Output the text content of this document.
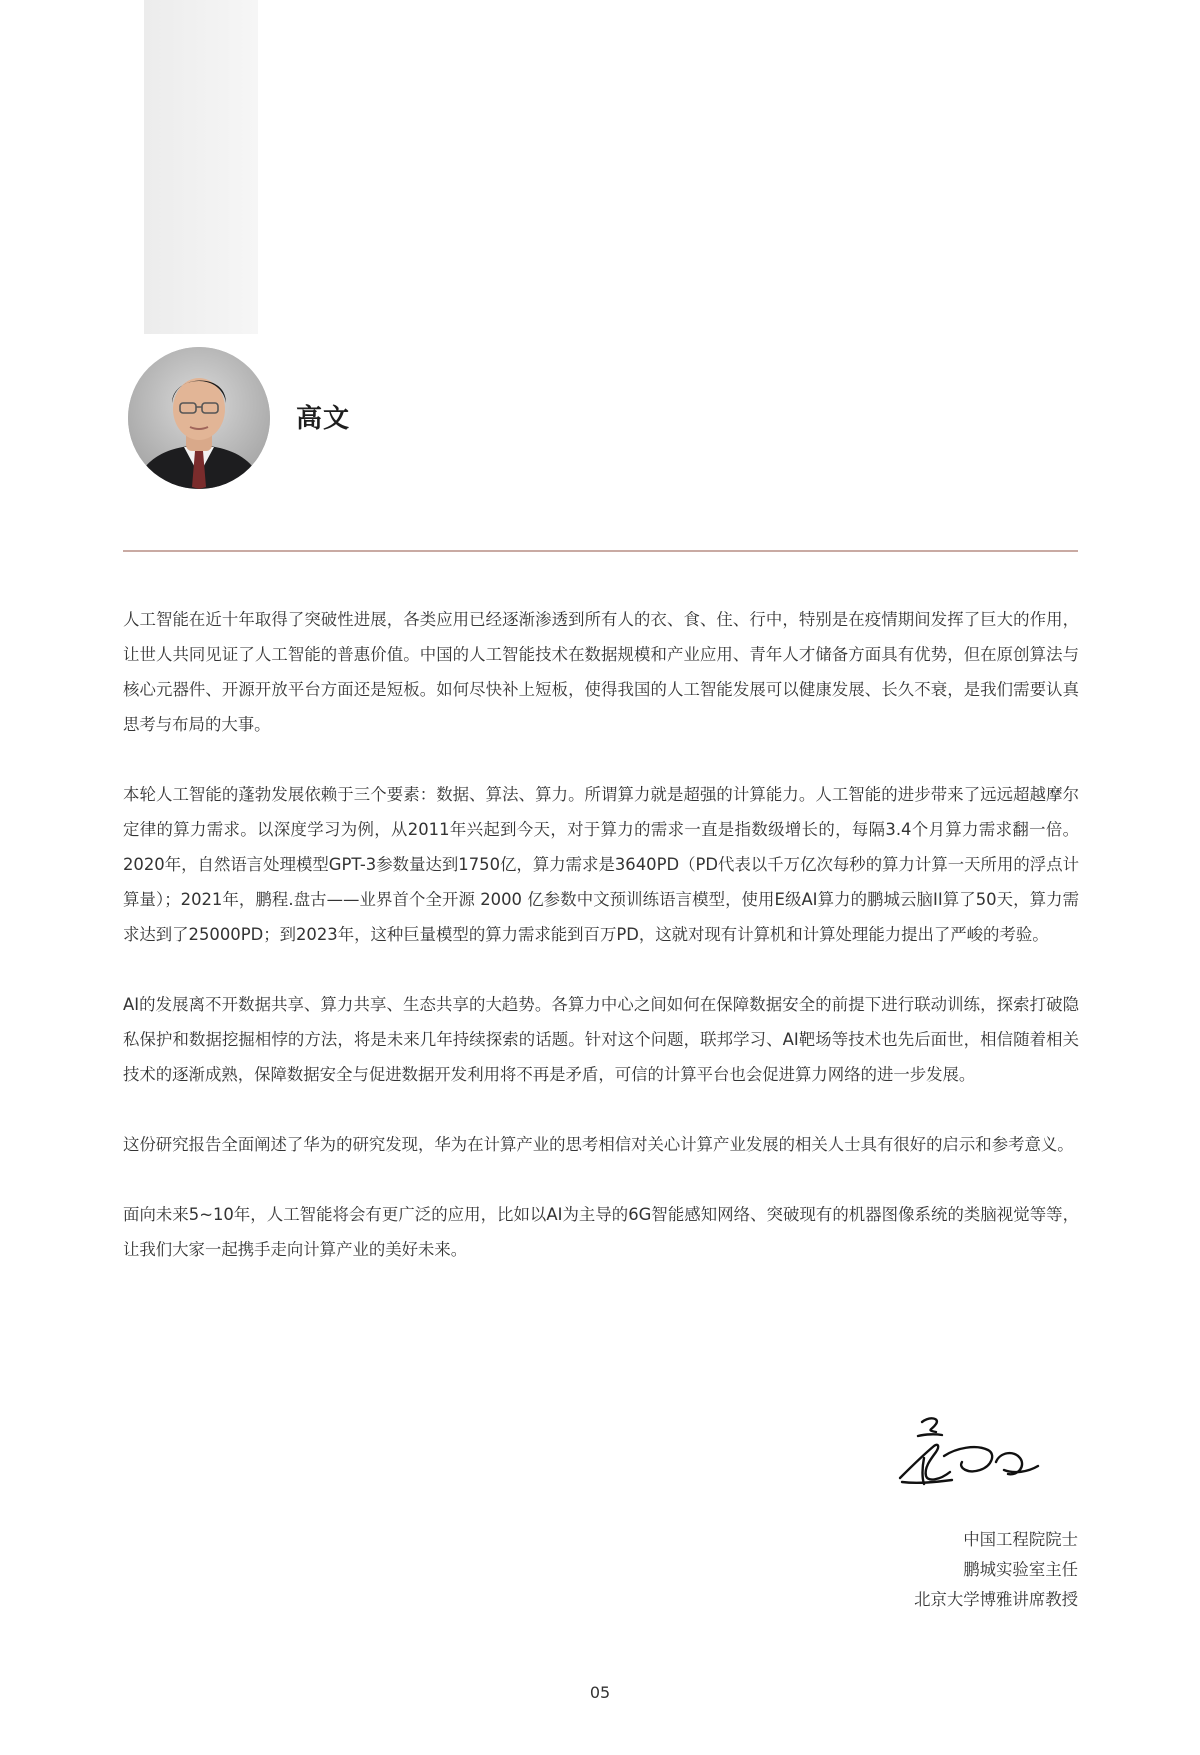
高文

人工智能在近十年取得了突破性进展，各类应用已经逐渐渗透到所有人的衣、食、住、行中，特别是在疫情期间发挥了巨大的作用，让世人共同见证了人工智能的普惠价值。中国的人工智能技术在数据规模和产业应用、青年人才储备方面具有优势，但在原创算法与核心元器件、开源开放平台方面还是短板。如何尽快补上短板，使得我国的人工智能发展可以健康发展、长久不衰，是我们需要认真思考与布局的大事。

本轮人工智能的蓬勃发展依赖于三个要素：数据、算法、算力。所谓算力就是超强的计算能力。人工智能的进步带来了远远超越摩尔定律的算力需求。以深度学习为例，从2011年兴起到今天，对于算力的需求一直是指数级增长的，每隔3.4个月算力需求翻一倍。2020年，自然语言处理模型GPT-3参数量达到1750亿，算力需求是3640PD（PD代表以千万亿次每秒的算力计算一天所用的浮点计算量）；2021年，鹏程.盘古——业界首个全开源 2000 亿参数中文预训练语言模型，使用E级AI算力的鹏城云脑II算了50天，算力需求达到了25000PD；到2023年，这种巨量模型的算力需求能到百万PD，这就对现有计算机和计算处理能力提出了严峻的考验。

AI的发展离不开数据共享、算力共享、生态共享的大趋势。各算力中心之间如何在保障数据安全的前提下进行联动训练，探索打破隐私保护和数据挖掘相悖的方法，将是未来几年持续探索的话题。针对这个问题，联邦学习、AI靶场等技术也先后面世，相信随着相关技术的逐渐成熟，保障数据安全与促进数据开发利用将不再是矛盾，可信的计算平台也会促进算力网络的进一步发展。

这份研究报告全面阐述了华为的研究发现，华为在计算产业的思考相信对关心计算产业发展的相关人士具有很好的启示和参考意义。

面向未来5~10年，人工智能将会有更广泛的应用，比如以AI为主导的6G智能感知网络、突破现有的机器图像系统的类脑视觉等等，让我们大家一起携手走向计算产业的美好未来。

中国工程院院士
鹏城实验室主任
北京大学博雅讲席教授
05
